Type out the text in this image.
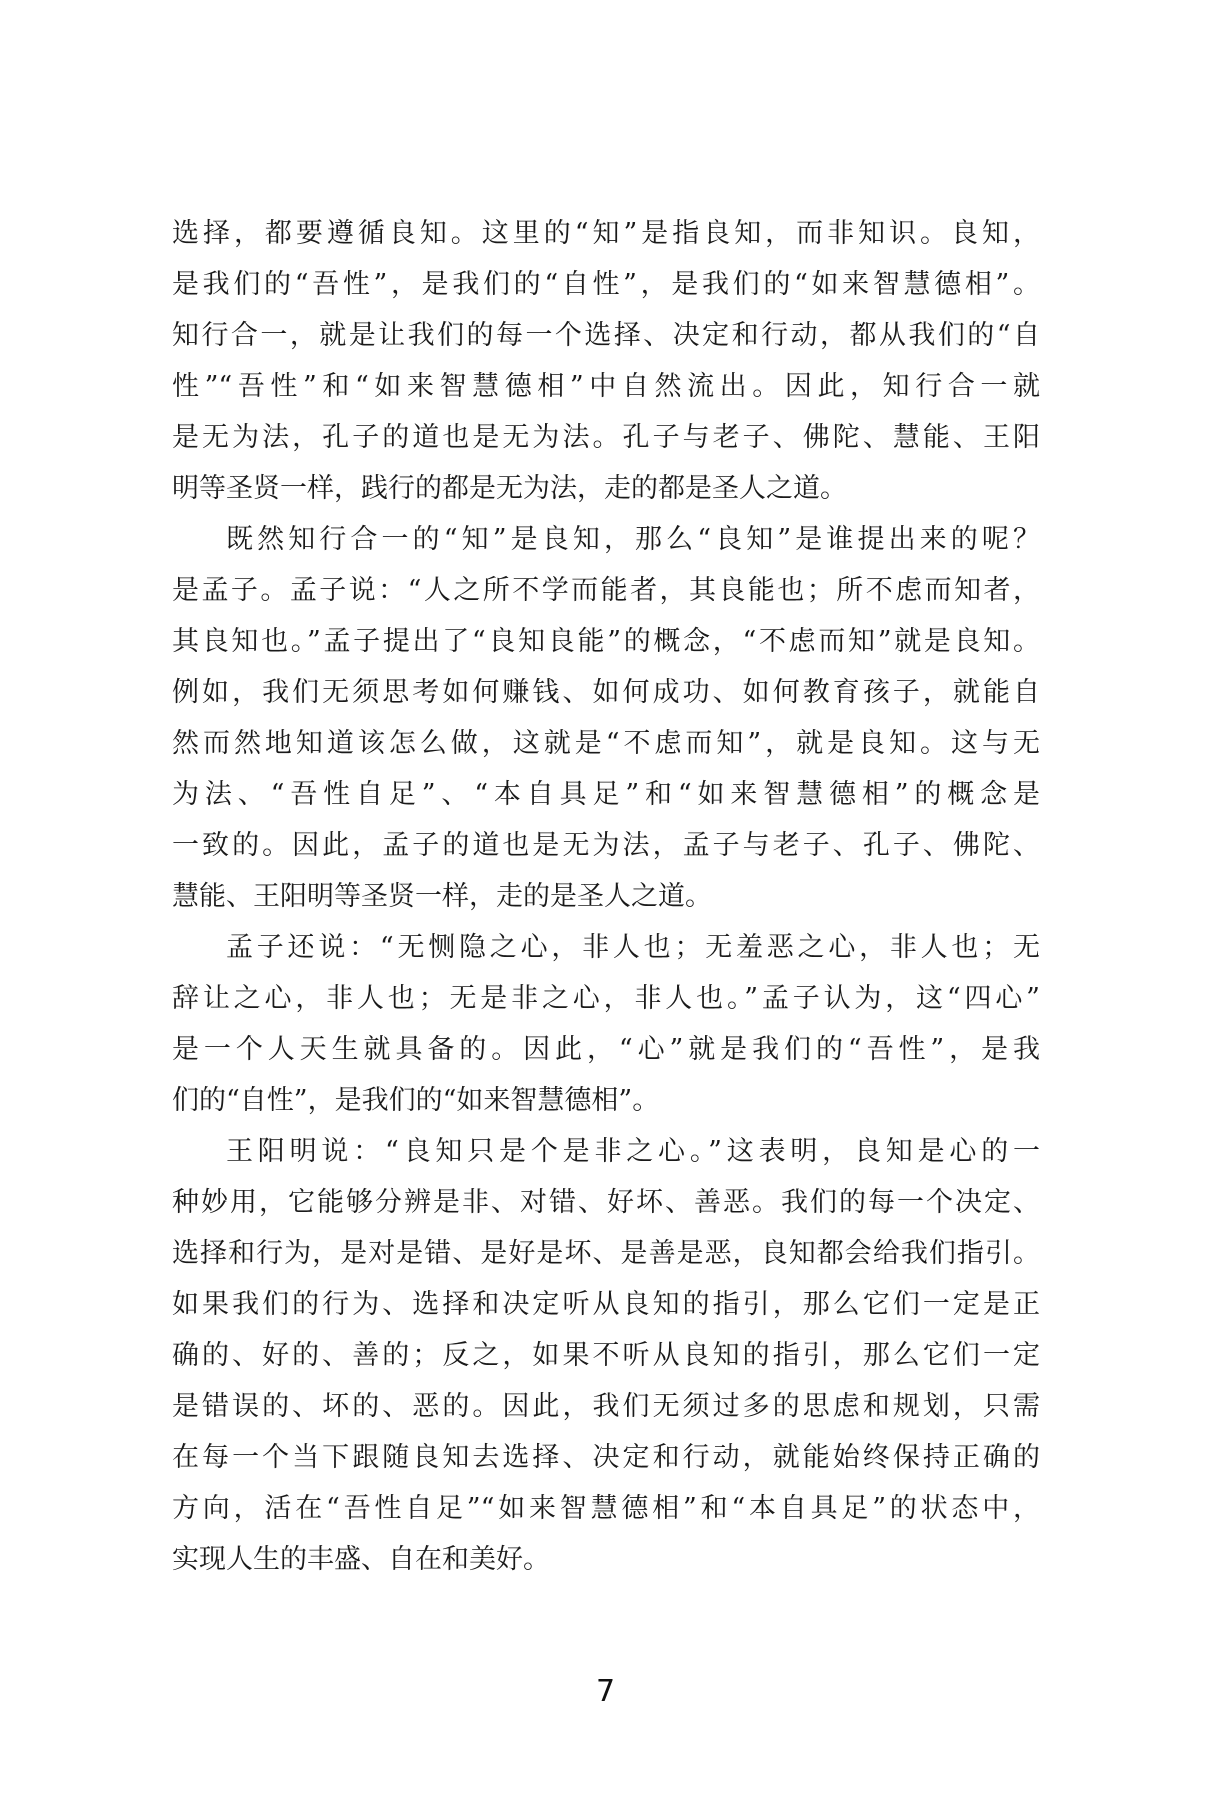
选择，都要遵循良知。这里的“知”是指良知，而非知识。良知，
是我们的“吾性”，是我们的“自性”，是我们的“如来智慧德相”。
知行合一，就是让我们的每一个选择、决定和行动，都从我们的“自
性”“吾性”和“如来智慧德相”中自然流出。因此，知行合一就
是无为法，孔子的道也是无为法。孔子与老子、佛陀、慧能、王阳
明等圣贤一样，践行的都是无为法，走的都是圣人之道。
既然知行合一的“知”是良知，那么“良知”是谁提出来的呢？
是孟子。孟子说：“人之所不学而能者，其良能也；所不虑而知者，
其良知也。”孟子提出了“良知良能”的概念，“不虑而知”就是良知。
例如，我们无须思考如何赚钱、如何成功、如何教育孩子，就能自
然而然地知道该怎么做，这就是“不虑而知”，就是良知。这与无
为法、“吾性自足”、“本自具足”和“如来智慧德相”的概念是
一致的。因此，孟子的道也是无为法，孟子与老子、孔子、佛陀、
慧能、王阳明等圣贤一样，走的是圣人之道。
孟子还说：“无恻隐之心，非人也；无羞恶之心，非人也；无
辞让之心，非人也；无是非之心，非人也。”孟子认为，这“四心”
是一个人天生就具备的。因此，“心”就是我们的“吾性”，是我
们的“自性”，是我们的“如来智慧德相”。
王阳明说：“良知只是个是非之心。”这表明，良知是心的一
种妙用，它能够分辨是非、对错、好坏、善恶。我们的每一个决定、
选择和行为，是对是错、是好是坏、是善是恶，良知都会给我们指引。
如果我们的行为、选择和决定听从良知的指引，那么它们一定是正
确的、好的、善的；反之，如果不听从良知的指引，那么它们一定
是错误的、坏的、恶的。因此，我们无须过多的思虑和规划，只需
在每一个当下跟随良知去选择、决定和行动，就能始终保持正确的
方向，活在“吾性自足”“如来智慧德相”和“本自具足”的状态中，
实现人生的丰盛、自在和美好。
7
